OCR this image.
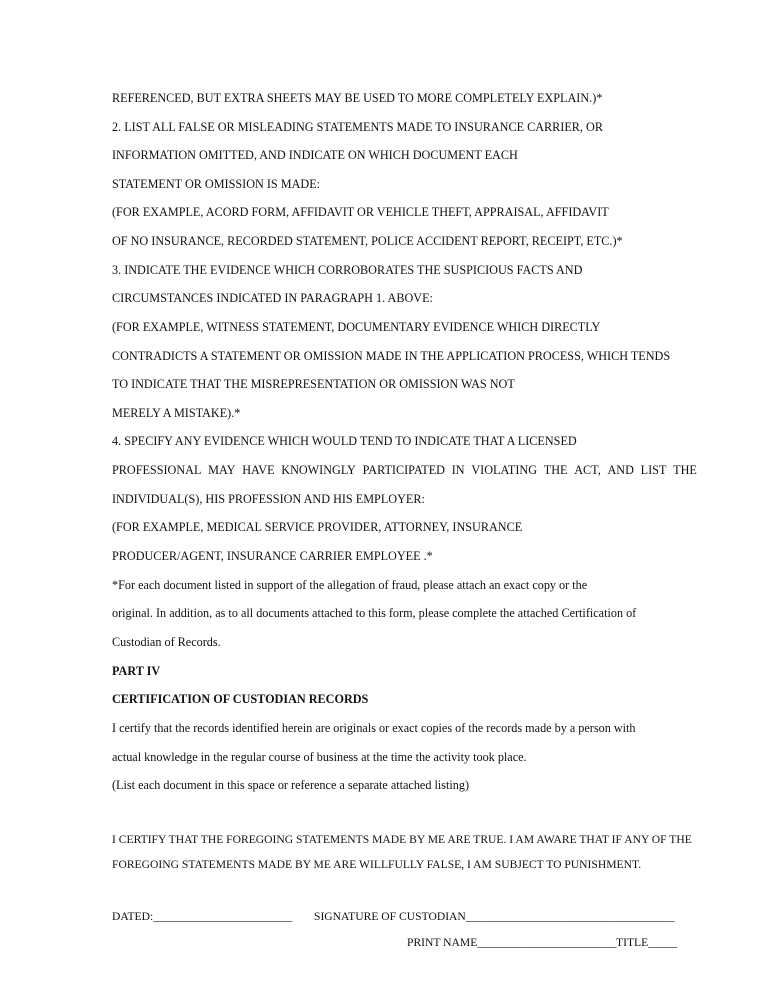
REFERENCED, BUT EXTRA SHEETS MAY BE USED TO MORE COMPLETELY EXPLAIN.)*
2. LIST ALL FALSE OR MISLEADING STATEMENTS MADE TO INSURANCE CARRIER, OR
INFORMATION OMITTED, AND INDICATE ON WHICH DOCUMENT EACH
STATEMENT OR OMISSION IS MADE:
(FOR EXAMPLE, ACORD FORM, AFFIDAVIT OR VEHICLE THEFT, APPRAISAL, AFFIDAVIT
OF NO INSURANCE, RECORDED STATEMENT, POLICE ACCIDENT REPORT, RECEIPT, ETC.)*
3. INDICATE THE EVIDENCE WHICH CORROBORATES THE SUSPICIOUS FACTS AND
CIRCUMSTANCES INDICATED IN PARAGRAPH 1. ABOVE:
(FOR EXAMPLE, WITNESS STATEMENT, DOCUMENTARY EVIDENCE WHICH DIRECTLY
CONTRADICTS A STATEMENT OR OMISSION MADE IN THE APPLICATION PROCESS, WHICH TENDS
TO INDICATE THAT THE MISREPRESENTATION OR OMISSION WAS NOT
MERELY A MISTAKE).*
4. SPECIFY ANY EVIDENCE WHICH WOULD TEND TO INDICATE THAT A LICENSED
PROFESSIONAL MAY HAVE KNOWINGLY PARTICIPATED IN VIOLATING THE ACT, AND LIST THE
INDIVIDUAL(S), HIS PROFESSION AND HIS EMPLOYER:
(FOR EXAMPLE, MEDICAL SERVICE PROVIDER, ATTORNEY, INSURANCE
PRODUCER/AGENT, INSURANCE CARRIER EMPLOYEE .*
*For each document listed in support of the allegation of fraud, please attach an exact copy or the
original. In addition, as to all documents attached to this form, please complete the attached Certification of
Custodian of Records.
PART IV
CERTIFICATION OF CUSTODIAN RECORDS
I certify that the records identified herein are originals or exact copies of the records made by a person with
actual knowledge in the regular course of business at the time the activity took place.
(List each document in this space or reference a separate attached listing)
I CERTIFY THAT THE FOREGOING STATEMENTS MADE BY ME ARE TRUE. I AM AWARE THAT IF ANY OF THE
FOREGOING STATEMENTS MADE BY ME ARE WILLFULLY FALSE, I AM SUBJECT TO PUNISHMENT.
DATED:________________________ SIGNATURE OF CUSTODIAN____________________________________
PRINT NAME________________________ TITLE_____
